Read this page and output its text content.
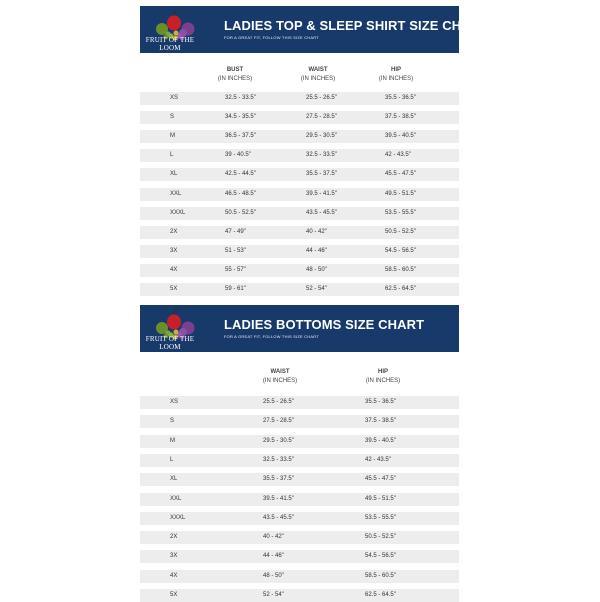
FRUIT OF THE LOOM
LADIES TOP & SLEEP SHIRT SIZE CHART
FOR A GREAT FIT, FOLLOW THIS SIZE CHART
BUST
(IN INCHES)
WAIST
(IN INCHES)
HIP
(IN INCHES)
XS	32.5 - 33.5"	25.5 - 26.5"	35.5 - 36.5"
S	34.5 - 35.5"	27.5 - 28.5"	37.5 - 38.5"
M	36.5 - 37.5"	29.5 - 30.5"	39.5 - 40.5"
L	39 - 40.5"	32.5 - 33.5"	42 - 43.5"
XL	42.5 - 44.5"	35.5 - 37.5"	45.5 - 47.5"
XXL	46.5 - 48.5"	39.5 - 41.5"	49.5 - 51.5"
XXXL	50.5 - 52.5"	43.5 - 45.5"	53.5 - 55.5"
2X	47 - 49"	40 - 42"	50.5 - 52.5"
3X	51 - 53"	44 - 46"	54.5 - 56.5"
4X	55 - 57"	48 - 50"	58.5 - 60.5"
5X	59 - 61"	52 - 54"	62.5 - 64.5"
FRUIT OF THE LOOM
LADIES BOTTOMS SIZE CHART
FOR A GREAT FIT, FOLLOW THIS SIZE CHART
WAIST
(IN INCHES)
HIP
(IN INCHES)
XS	25.5 - 26.5"	35.5 - 36.5"
S	27.5 - 28.5"	37.5 - 38.5"
M	29.5 - 30.5"	39.5 - 40.5"
L	32.5 - 33.5"	42 - 43.5"
XL	35.5 - 37.5"	45.5 - 47.5"
XXL	39.5 - 41.5"	49.5 - 51.5"
XXXL	43.5 - 45.5"	53.5 - 55.5"
2X	40 - 42"	50.5 - 52.5"
3X	44 - 46"	54.5 - 56.5"
4X	48 - 50"	58.5 - 60.5"
5X	52 - 54"	62.5 - 64.5"
